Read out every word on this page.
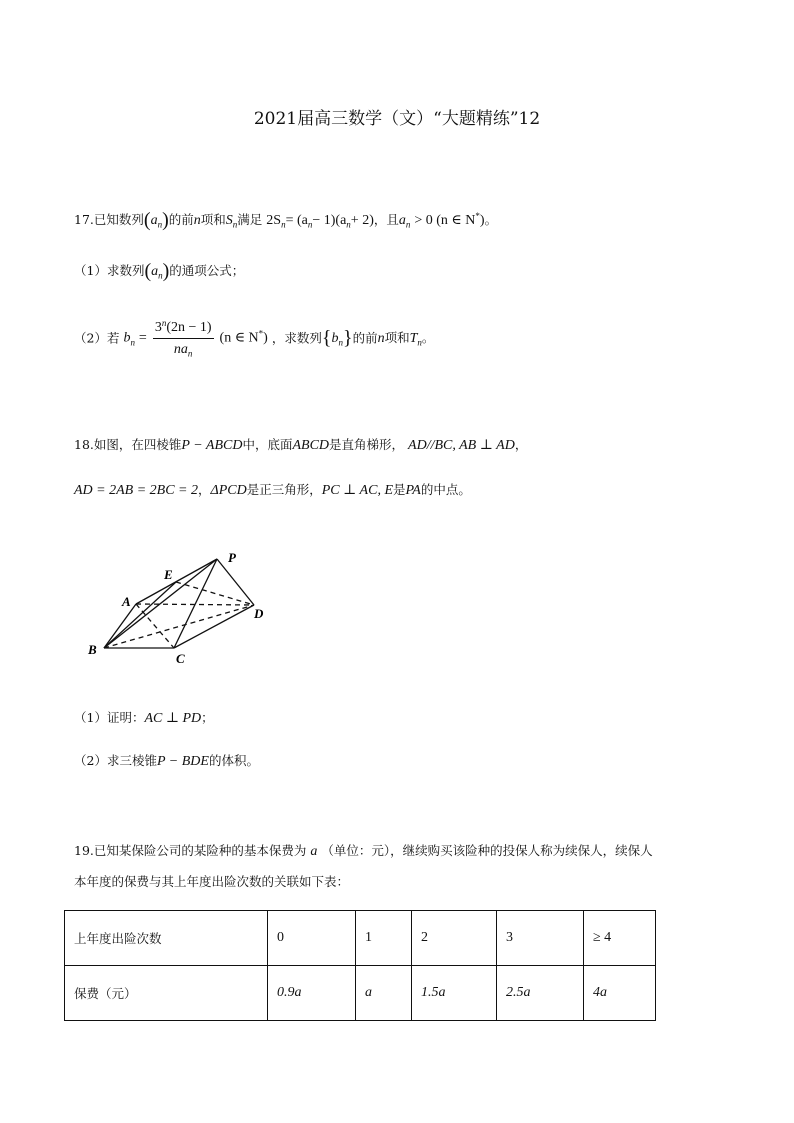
2021届高三数学（文）“大题精练”12
17.已知数列$(a_n)$的前n项和$S_n$满足 $2S_n= (a_n- 1)(a_n+ 2)$，且$a_n > 0$ (n ∈ N*)。
（1）求数列$(a_n)$的通项公式；
（2）若 $b_n = \frac{3^n(2n - 1)}{na_n} (n$ ∈ N*) ，求数列$\{b_n\}$的前n项和$T_n$。
18.如图，在四棱锥P − ABCD中，底面ABCD是直角梯形， AD//BC, AB ⊥ AD，
AD = 2AB = 2BC = 2，ΔPCD是正三角形，PC ⊥ AC, E是PA的中点。
P
E
A
D
B
C
（1）证明：AC ⊥ PD；
（2）求三棱锥P − BDE的体积。
19.已知某保险公司的某险种的基本保费为 a （单位：元），继续购买该险种的投保人称为续保人，续保人
本年度的保费与其上年度出险次数的关联如下表：
上年度出险次数	0	1	2	3	≥ 4
保费（元）	0.9a	a	1.5a	2.5a	4a
